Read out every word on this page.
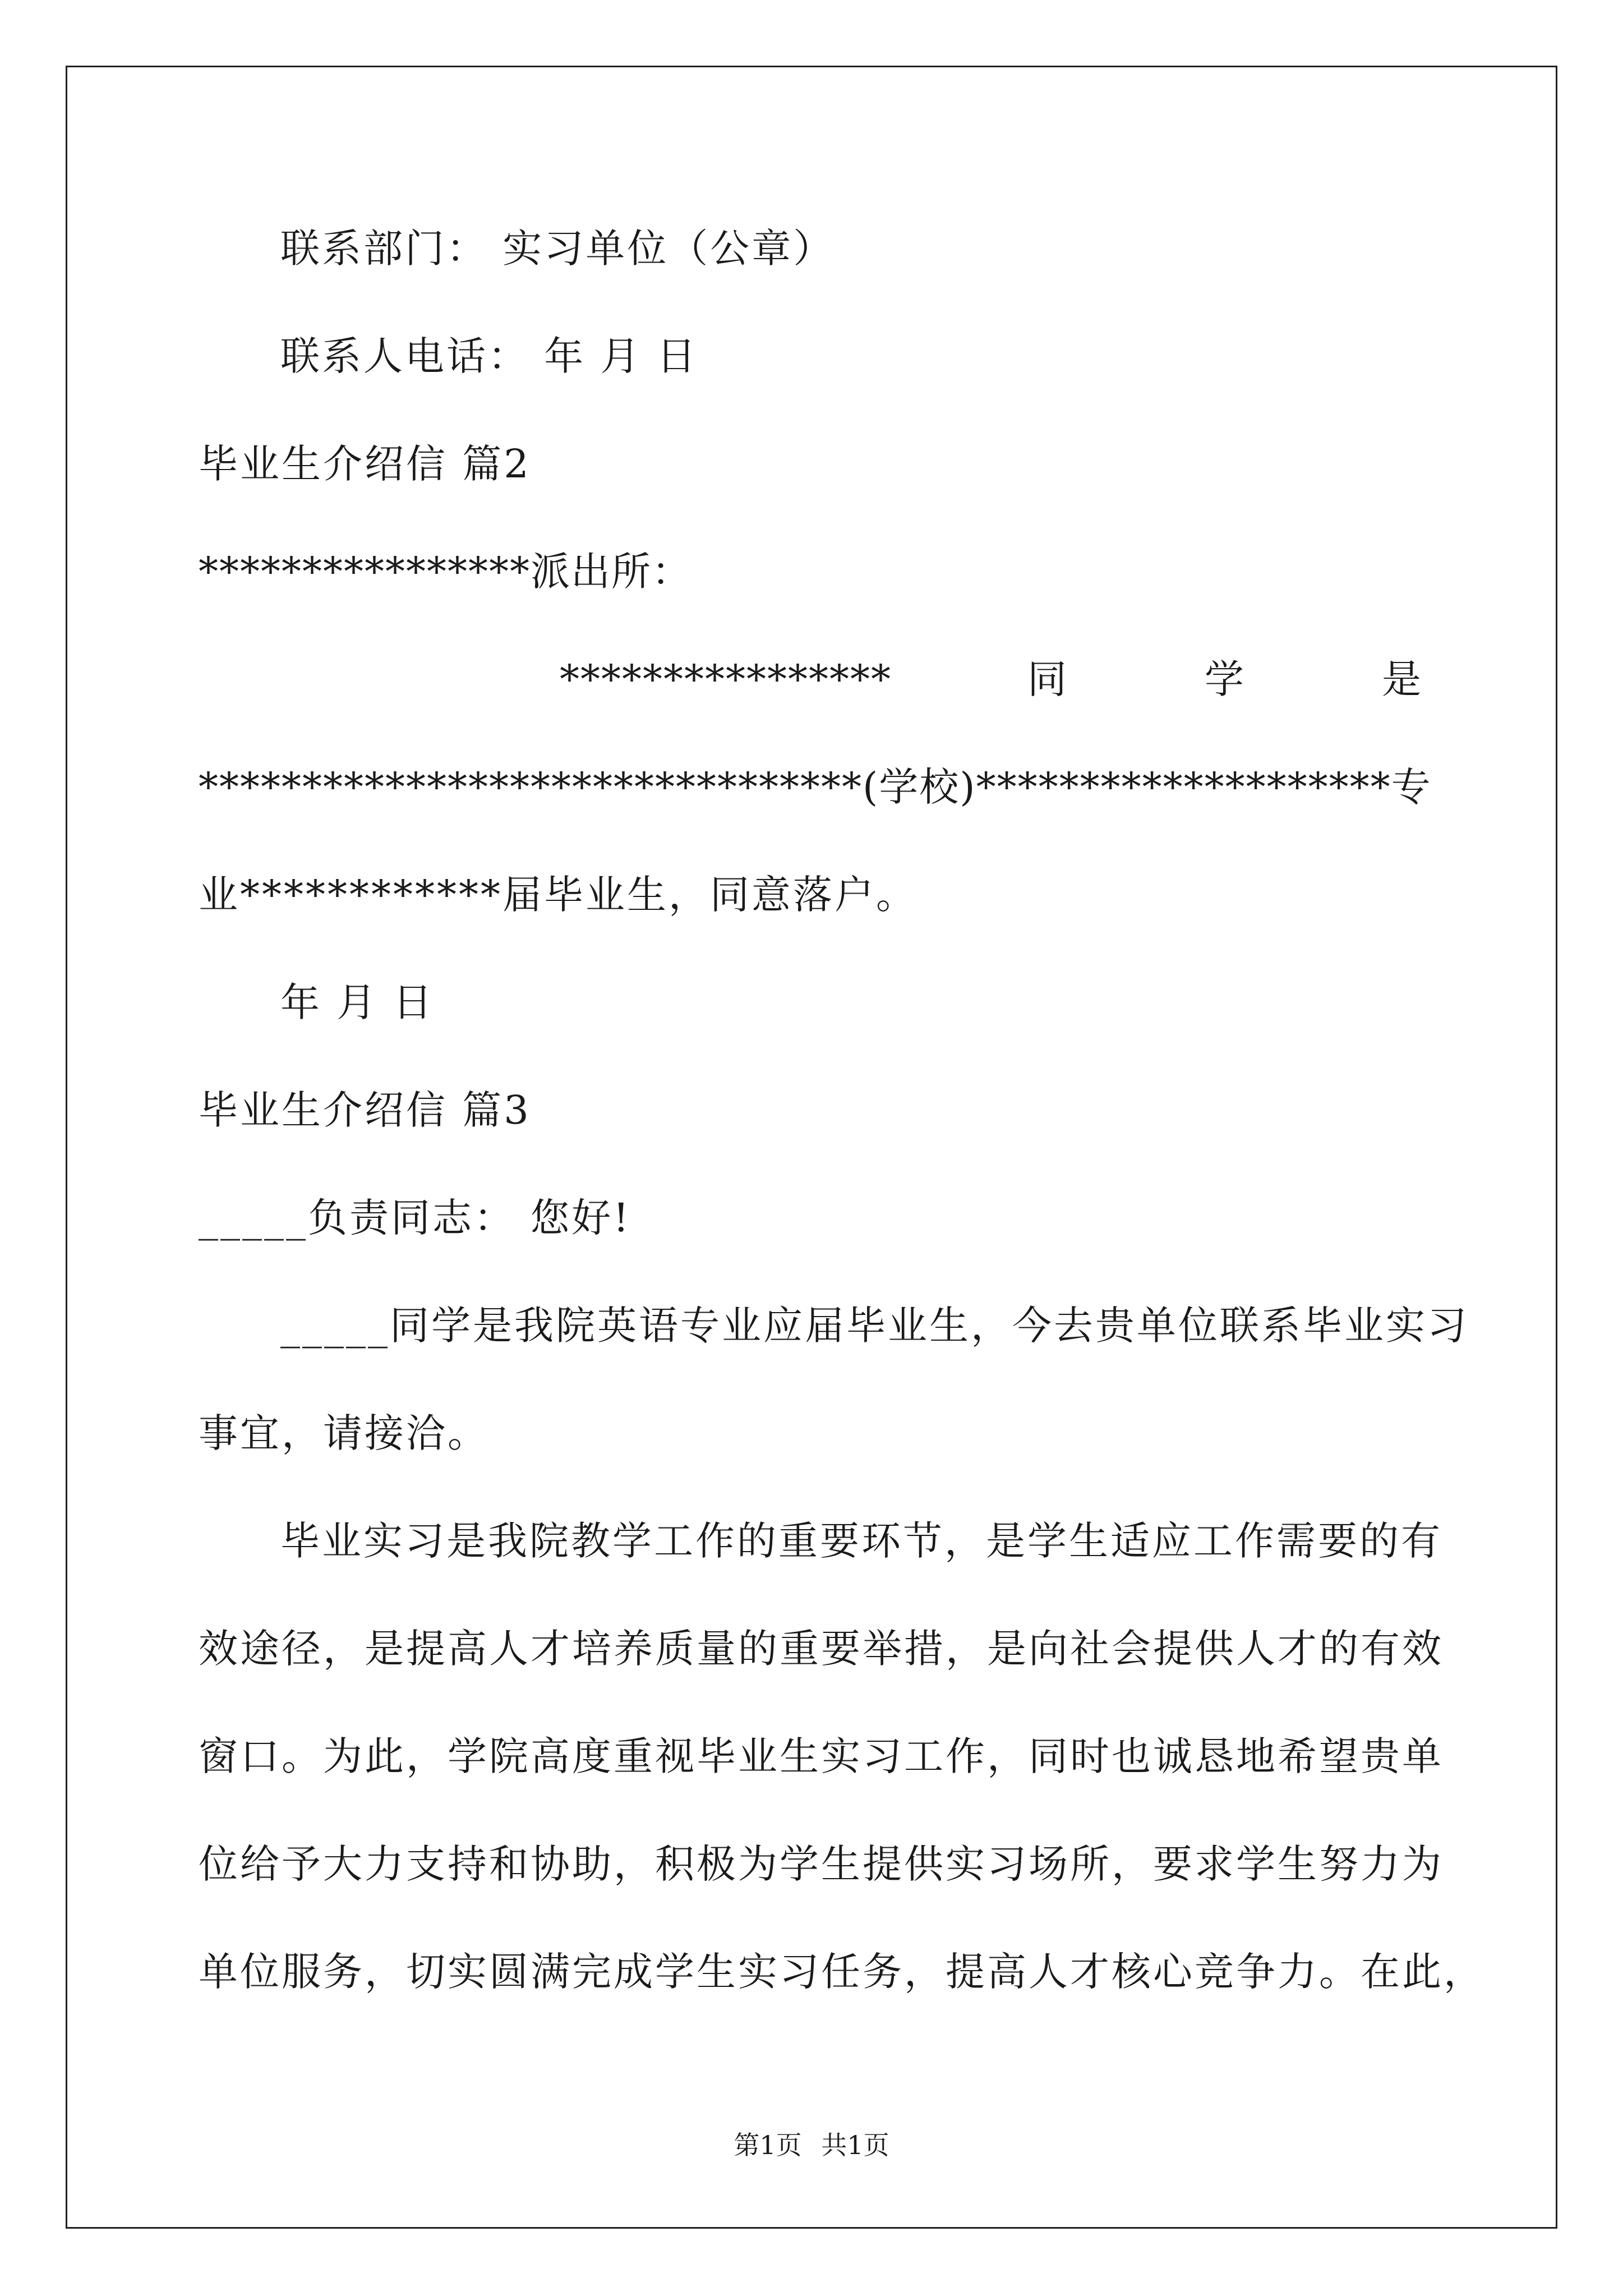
联系部门： 实习单位（公章）
联系人电话： 年 月 日
毕业生介绍信 篇2
****************派出所：
****************	同	学	是
********************************(学校)********************专
业************届毕业生，同意落户。
年 月 日
毕业生介绍信 篇3
_____负责同志： 您好!
_____同学是我院英语专业应届毕业生，今去贵单位联系毕业实习
事宜，请接洽。
毕业实习是我院教学工作的重要环节，是学生适应工作需要的有
效途径，是提高人才培养质量的重要举措，是向社会提供人才的有效
窗口。为此，学院高度重视毕业生实习工作，同时也诚恳地希望贵单
位给予大力支持和协助，积极为学生提供实习场所，要求学生努力为
单位服务，切实圆满完成学生实习任务，提高人才核心竞争力。在此，
第1页 共1页
